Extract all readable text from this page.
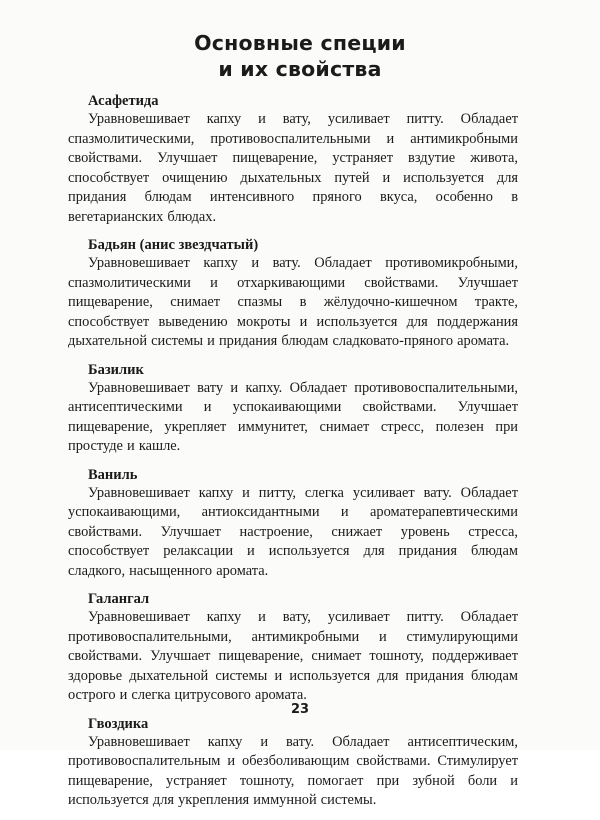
Основные специи
и их свойства
Асафетида

Уравновешивает капху и вату, усиливает питту. Обладает спазмолитическими, противовоспалительными и антимикробными свойствами. Улучшает пищеварение, устраняет вздутие живота, способствует очищению дыхательных путей и используется для придания блюдам интенсивного пряного вкуса, особенно в вегетарианских блюдах.

Бадьян (анис звездчатый)

Уравновешивает капху и вату. Обладает противомикробными, спазмолитическими и отхаркивающими свойствами. Улучшает пищеварение, снимает спазмы в жёлудочно-кишечном тракте, способствует выведению мокроты и используется для поддержания дыхательной системы и придания блюдам сладковато-пряного аромата.

Базилик

Уравновешивает вату и капху. Обладает противовоспалительными, антисептическими и успокаивающими свойствами. Улучшает пищеварение, укрепляет иммунитет, снимает стресс, полезен при простуде и кашле.

Ваниль

Уравновешивает капху и питту, слегка усиливает вату. Обладает успокаивающими, антиоксидантными и ароматерапевтическими свойствами. Улучшает настроение, снижает уровень стресса, способствует релаксации и используется для придания блюдам сладкого, насыщенного аромата.

Галангал

Уравновешивает капху и вату, усиливает питту. Обладает противовоспалительными, антимикробными и стимулирующими свойствами. Улучшает пищеварение, снимает тошноту, поддерживает здоровье дыхательной системы и используется для придания блюдам острого и слегка цитрусового аромата.

Гвоздика

Уравновешивает капху и вату. Обладает антисептическим, противовоспалительным и обезболивающим свойствами. Стимулирует пищеварение, устраняет тошноту, помогает при зубной боли и используется для укрепления иммунной системы.

23
